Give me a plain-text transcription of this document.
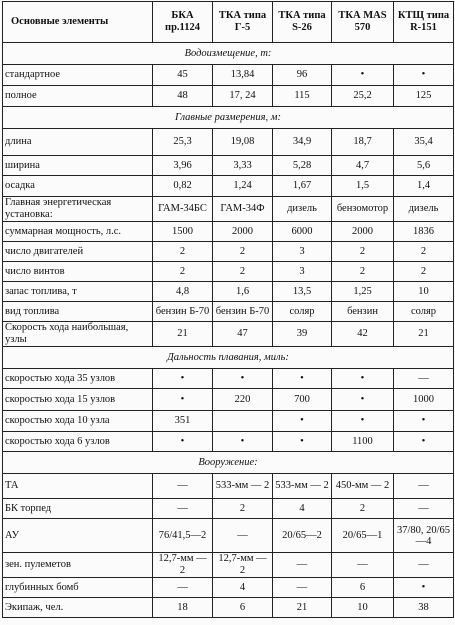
Основные элементы	БКА пр.1124	ТКА типа Г-5	ТКА типа S-26	ТКА MAS 570	КТЩ типа R-151
Водоизмещение, т:					
стандартное	45	13,84	96	•	•
полное	48	17, 24	115	25,2	125
Главные размерения, м:					
длина	25,3	19,08	34,9	18,7	35,4
ширина	3,96	3,33	5,28	4,7	5,6
осадка	0,82	1,24	1,67	1,5	1,4
Главная энергетическая установка:	ГАМ-34БС	ГАМ-34Ф	дизель	бензомотор	дизель
суммарная мощность, л.с.	1500	2000	6000	2000	1836
число двигателей	2	2	3	2	2
число винтов	2	2	3	2	2
запас топлива, т	4,8	1,6	13,5	1,25	10
вид топлива	бензин Б-70	бензин Б-70	соляр	бензин	соляр
Скорость хода наибольшая, узлы	21	47	39	42	21
Дальность плавания, миль:					
скоростью хода 35 узлов	•	•	•	•	—
скоростью хода 15 узлов	•	220	700	•	1000
скоростью хода 10 узла	351		•	•	•
скоростью хода 6 узлов	•	•	•	1100	•
Вооружение:					
ТА	—	533-мм — 2	533-мм — 2	450-мм — 2	—
БК торпед	—	2	4	2	—
АУ	76/41,5—2	—	20/65—2	20/65—1	37/80, 20/65—4
зен. пулеметов	12,7-мм — 2	12,7-мм — 2	—	—	—
глубинных бомб	—	4	—	6	•
Экипаж, чел.	18	6	21	10	38
